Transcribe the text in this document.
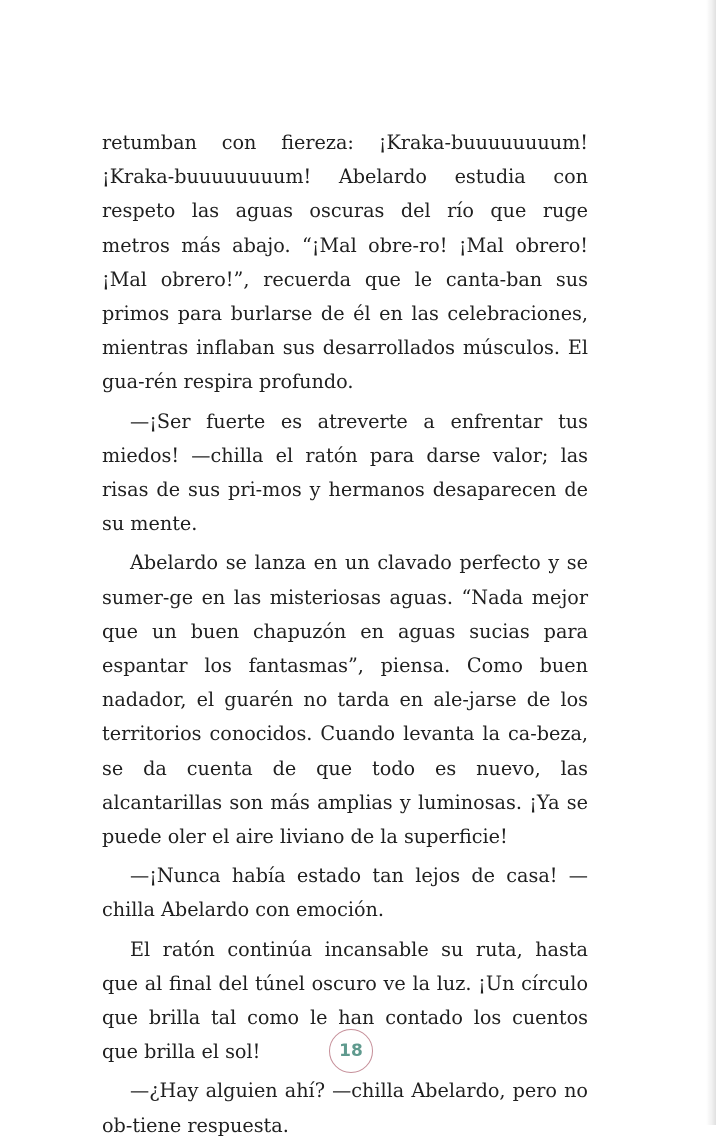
retumban con fiereza: ¡Kraka-buuuuuuuum! ¡Kraka-buuuuuuuum! Abelardo estudia con respeto las aguas oscuras del río que ruge metros más abajo. “¡Mal obre-ro! ¡Mal obrero! ¡Mal obrero!”, recuerda que le canta-ban sus primos para burlarse de él en las celebraciones, mientras inflaban sus desarrollados músculos. El gua-rén respira profundo.

—¡Ser fuerte es atreverte a enfrentar tus miedos! —chilla el ratón para darse valor; las risas de sus pri-mos y hermanos desaparecen de su mente.

Abelardo se lanza en un clavado perfecto y se sumer-ge en las misteriosas aguas. “Nada mejor que un buen chapuzón en aguas sucias para espantar los fantasmas”, piensa. Como buen nadador, el guarén no tarda en ale-jarse de los territorios conocidos. Cuando levanta la ca-beza, se da cuenta de que todo es nuevo, las alcantarillas son más amplias y luminosas. ¡Ya se puede oler el aire liviano de la superficie!

—¡Nunca había estado tan lejos de casa! —chilla Abelardo con emoción.

El ratón continúa incansable su ruta, hasta que al final del túnel oscuro ve la luz. ¡Un círculo que brilla tal como le han contado los cuentos que brilla el sol!

—¿Hay alguien ahí? —chilla Abelardo, pero no ob-tiene respuesta.

18
